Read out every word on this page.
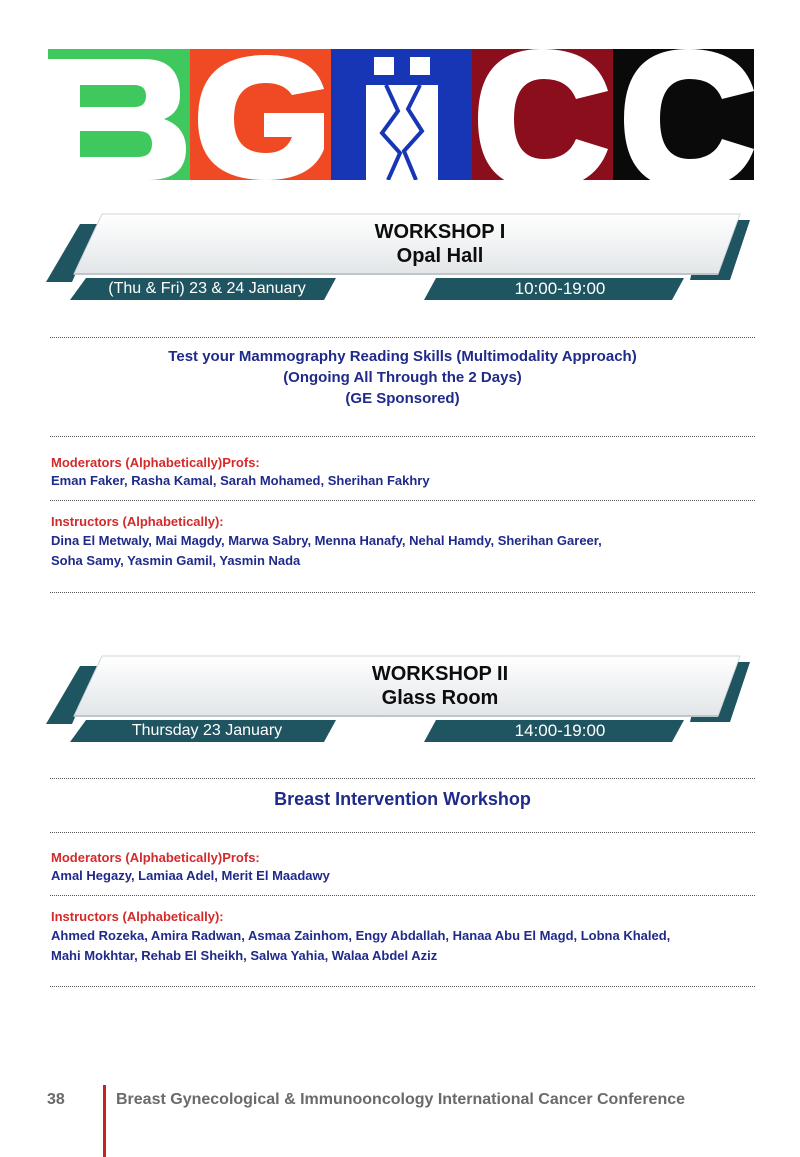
WORKSHOP I
Opal Hall
(Thu & Fri) 23 & 24 January	10:00-19:00
Test your Mammography Reading Skills (Multimodality Approach)
(Ongoing All Through the 2 Days)
(GE Sponsored)
Moderators (Alphabetically)Profs:
Eman Faker, Rasha Kamal, Sarah Mohamed, Sherihan Fakhry
Instructors (Alphabetically):
Dina El Metwaly, Mai Magdy, Marwa Sabry, Menna Hanafy, Nehal Hamdy, Sherihan Gareer,
Soha Samy, Yasmin Gamil, Yasmin Nada
WORKSHOP II
Glass Room
Thursday 23 January	14:00-19:00
Breast Intervention Workshop
Moderators (Alphabetically)Profs:
Amal Hegazy, Lamiaa Adel, Merit El Maadawy
Instructors (Alphabetically):
Ahmed Rozeka, Amira Radwan, Asmaa Zainhom, Engy Abdallah, Hanaa Abu El Magd, Lobna Khaled,
Mahi Mokhtar, Rehab El Sheikh, Salwa Yahia, Walaa Abdel Aziz
38	Breast Gynecological & Immunooncology International Cancer Conference
